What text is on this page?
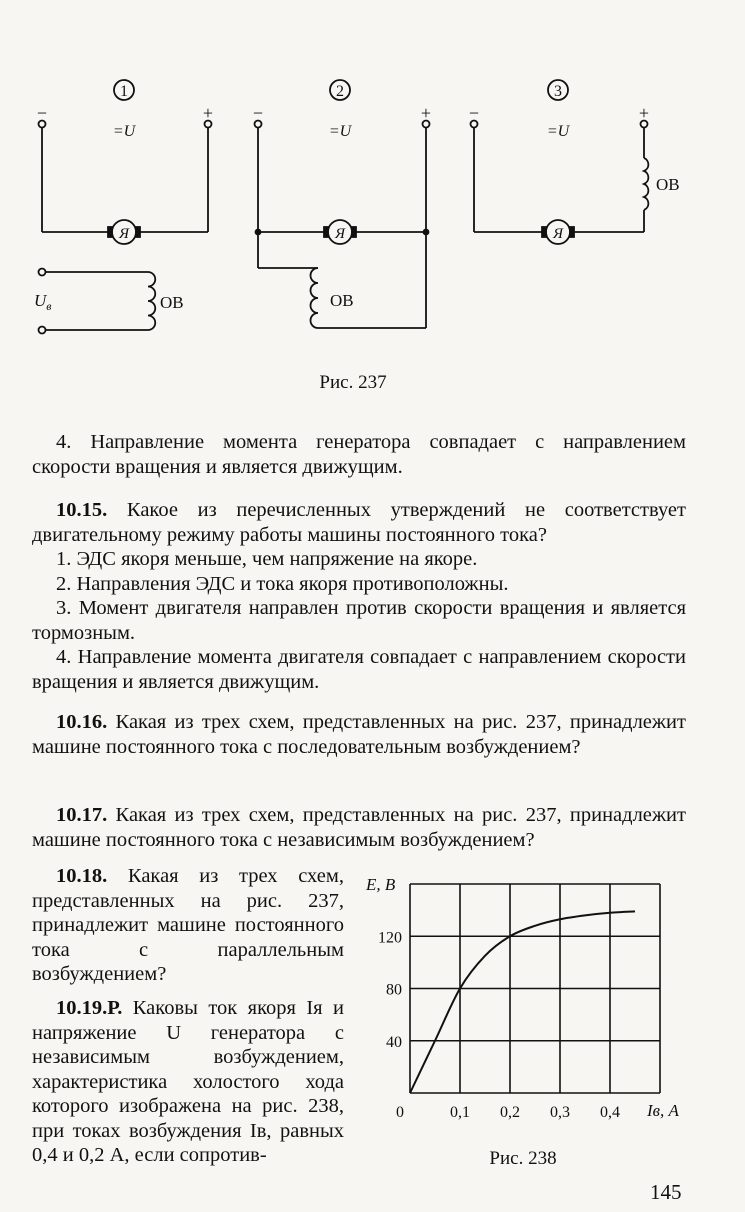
1	2	3
−	+ −	+ −	+
=U	=U	=U
Я	Я	Я
ОВ	ОВ
ОВ
$U_в$
Рис. 237
4. Направление момента генератора совпадает с направлением скорости вращения и является движущим.

10.15. Какое из перечисленных утверждений не соответствует двигательному режиму работы машины постоянного тока?

1. ЭДС якоря меньше, чем напряжение на якоре.

2. Направления ЭДС и тока якоря противоположны.

3. Момент двигателя направлен против скорости вращения и является тормозным.

4. Направление момента двигателя совпадает с направлением скорости вращения и является движущим.

10.16. Какая из трех схем, представленных на рис. 237, принадлежит машине постоянного тока с последовательным возбуждением?
10.17. Какая из трех схем, представленных на рис. 237, принадлежит машине постоянного тока с независимым возбуждением?
10.18. Какая из трех схем, представленных на рис. 237, принадлежит машине постоянного тока с параллельным возбуждением?
10.19.Р. Каковы ток якоря Iя и напряжение U генератора с независимым возбуждением, характеристика холостого хода которого изображена на рис. 238, при токах возбуждения Iв, равных 0,4 и 0,2 А, если сопротив-
0	0,1 0,2 0,3 0,4
40
80
120
E, В
Iв, А
Рис. 238
145
